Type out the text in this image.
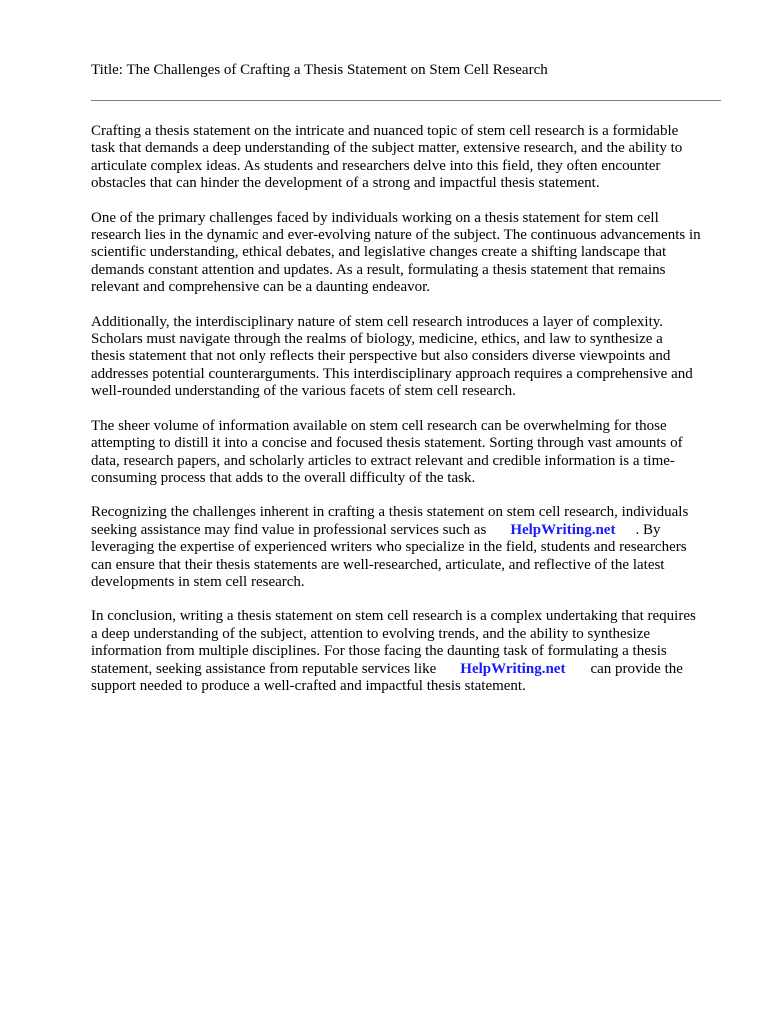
Title: The Challenges of Crafting a Thesis Statement on Stem Cell Research

Crafting a thesis statement on the intricate and nuanced topic of stem cell research is a formidable
task that demands a deep understanding of the subject matter, extensive research, and the ability to
articulate complex ideas. As students and researchers delve into this field, they often encounter
obstacles that can hinder the development of a strong and impactful thesis statement.

One of the primary challenges faced by individuals working on a thesis statement for stem cell
research lies in the dynamic and ever-evolving nature of the subject. The continuous advancements in
scientific understanding, ethical debates, and legislative changes create a shifting landscape that
demands constant attention and updates. As a result, formulating a thesis statement that remains
relevant and comprehensive can be a daunting endeavor.

Additionally, the interdisciplinary nature of stem cell research introduces a layer of complexity.
Scholars must navigate through the realms of biology, medicine, ethics, and law to synthesize a
thesis statement that not only reflects their perspective but also considers diverse viewpoints and
addresses potential counterarguments. This interdisciplinary approach requires a comprehensive and
well-rounded understanding of the various facets of stem cell research.

The sheer volume of information available on stem cell research can be overwhelming for those
attempting to distill it into a concise and focused thesis statement. Sorting through vast amounts of
data, research papers, and scholarly articles to extract relevant and credible information is a time-
consuming process that adds to the overall difficulty of the task.

Recognizing the challenges inherent in crafting a thesis statement on stem cell research, individuals
seeking assistance may find value in professional services such as HelpWriting.net . By
leveraging the expertise of experienced writers who specialize in the field, students and researchers
can ensure that their thesis statements are well-researched, articulate, and reflective of the latest
developments in stem cell research.

In conclusion, writing a thesis statement on stem cell research is a complex undertaking that requires
a deep understanding of the subject, attention to evolving trends, and the ability to synthesize
information from multiple disciplines. For those facing the daunting task of formulating a thesis
statement, seeking assistance from reputable services like HelpWriting.net can provide the
support needed to produce a well-crafted and impactful thesis statement.
